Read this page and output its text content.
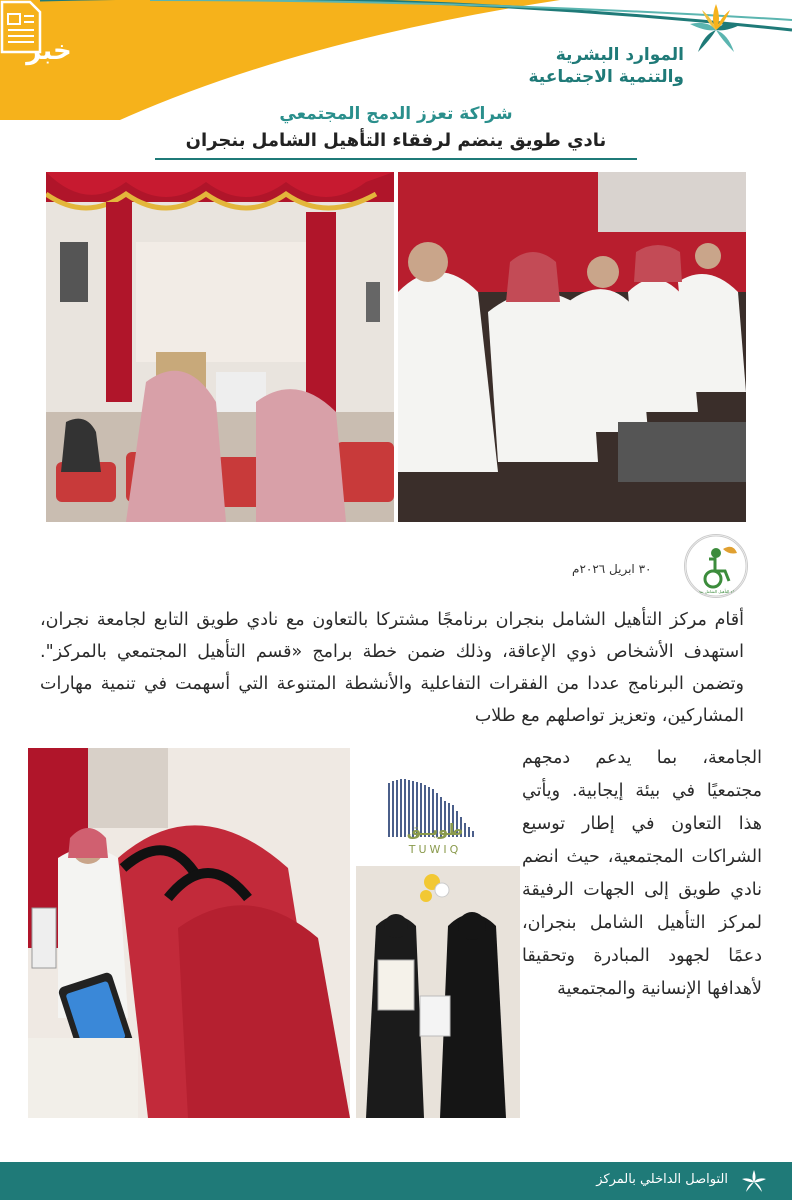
خبر	الموارد البشرية
والتنمية الاجتماعية
شراكة تعزز الدمج المجتمعي
نادي طويق ينضم لرفقاء التأهيل الشامل بنجران
٣٠ ابريل ٢٠٢٦م
رفقاء التأهيل الشامل بنجران
أقام مركز التأهيل الشامل بنجران برنامجًا مشتركا بالتعاون مع نادي طويق التابع لجامعة نجران، استهدف الأشخاص ذوي الإعاقة، وذلك ضمن خطة برامج «قسم التأهيل المجتمعي بالمركز". وتضمن البرنامج عددا من الفقرات التفاعلية والأنشطة المتنوعة التي أسهمت في تنمية مهارات المشاركين، وتعزيز تواصلهم مع طلاب
طويــق
TUWIQ
الجامعة، بما يدعم دمجهم مجتمعيًا في بيئة إيجابية. ويأتي هذا التعاون في إطار توسيع الشراكات المجتمعية، حيث انضم نادي طويق إلى الجهات الرفيقة لمركز التأهيل الشامل بنجران، دعمًا لجهود المبادرة وتحقيقا لأهدافها الإنسانية والمجتمعية
التواصل الداخلي بالمركز
